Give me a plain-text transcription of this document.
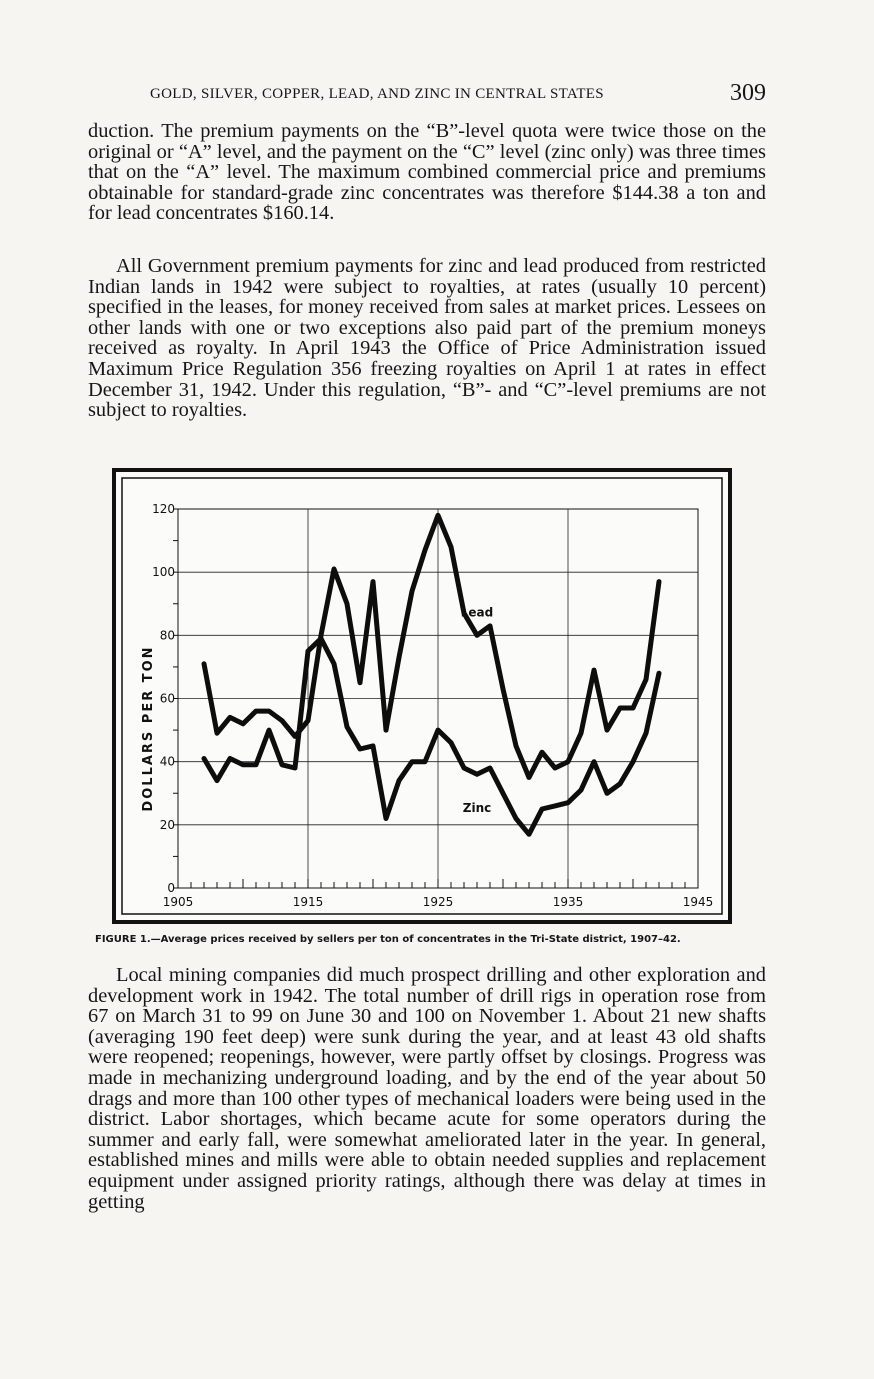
GOLD, SILVER, COPPER, LEAD, AND ZINC IN CENTRAL STATES	309

duction. The premium payments on the “B”-level quota were twice those on the original or “A” level, and the payment on the “C” level (zinc only) was three times that on the “A” level. The maximum combined commercial price and premiums obtainable for standard-grade zinc concentrates was therefore $144.38 a ton and for lead concentrates $160.14.

All Government premium payments for zinc and lead produced from restricted Indian lands in 1942 were subject to royalties, at rates (usually 10 percent) specified in the leases, for money received from sales at market prices. Lessees on other lands with one or two exceptions also paid part of the premium moneys received as royalty. In April 1943 the Office of Price Administration issued Maximum Price Regulation 356 freezing royalties on April 1 at rates in effect December 31, 1942. Under this regulation, “B”- and “C”-level premiums are not subject to royalties.

0
20
40
60
80
100
120
1905	1915	1925	1935	1945
DOLLARS PER TON
Lead
Zinc
FIGURE 1.—Average prices received by sellers per ton of concentrates in the Tri-State district, 1907–42.

Local mining companies did much prospect drilling and other exploration and development work in 1942. The total number of drill rigs in operation rose from 67 on March 31 to 99 on June 30 and 100 on November 1. About 21 new shafts (averaging 190 feet deep) were sunk during the year, and at least 43 old shafts were reopened; reopenings, however, were partly offset by closings. Progress was made in mechanizing underground loading, and by the end of the year about 50 drags and more than 100 other types of mechanical loaders were being used in the district. Labor shortages, which became acute for some operators during the summer and early fall, were somewhat ameliorated later in the year. In general, established mines and mills were able to obtain needed supplies and replacement equipment under assigned priority ratings, although there was delay at times in getting
